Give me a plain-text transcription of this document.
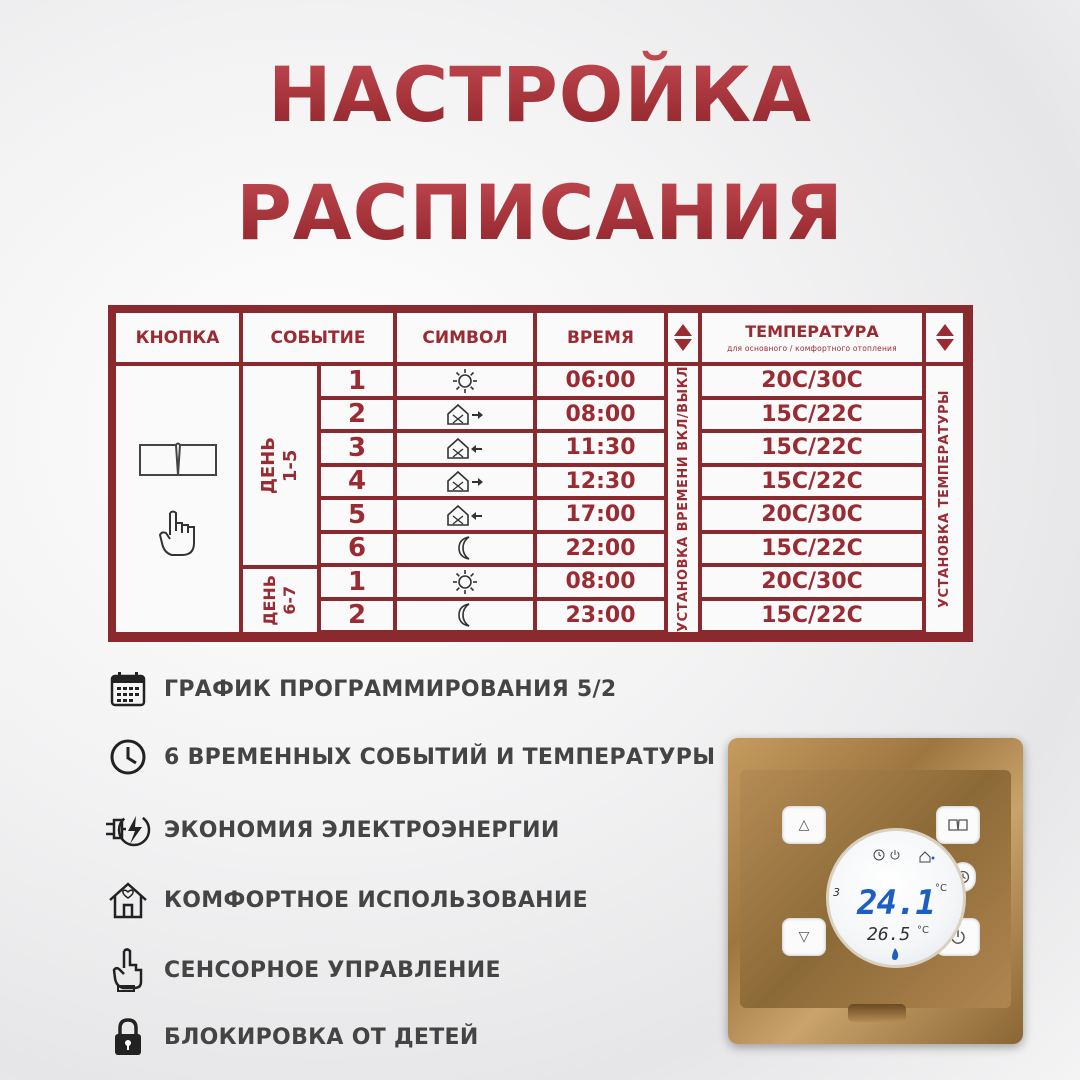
НАСТРОЙКА
РАСПИСАНИЯ
КНОПКА	СОБЫТИЕ	СИМВОЛ	ВРЕМЯ	ТЕМПЕРАТУРА
для основного / комфортного отопления
ДЕНЬ
1-5
ДЕНЬ
6-7	УСТАНОВКА ВРЕМЕНИ ВКЛ/ВЫКЛ	УСТАНОВКА ТЕМПЕРАТУРЫ
1	06:00	20С/30С
2	08:00	15С/22С
3	11:30	15С/22С
4	12:30	15С/22С
5	17:00	20С/30С
6	22:00	15С/22С
1	08:00	20С/30С
2	23:00	15С/22С
ГРАФИК ПРОГРАММИРОВАНИЯ 5/2
6 ВРЕМЕННЫХ СОБЫТИЙ И ТЕМПЕРАТУРЫ
ЭКОНОМИЯ ЭЛЕКТРОЭНЕРГИИ
КОМФОРТНОЕ ИСПОЛЬЗОВАНИЕ
СЕНСОРНОЕ УПРАВЛЕНИЕ
БЛОКИРОВКА ОТ ДЕТЕЙ
△
▽
3 24.1 °C
26.5 °C
